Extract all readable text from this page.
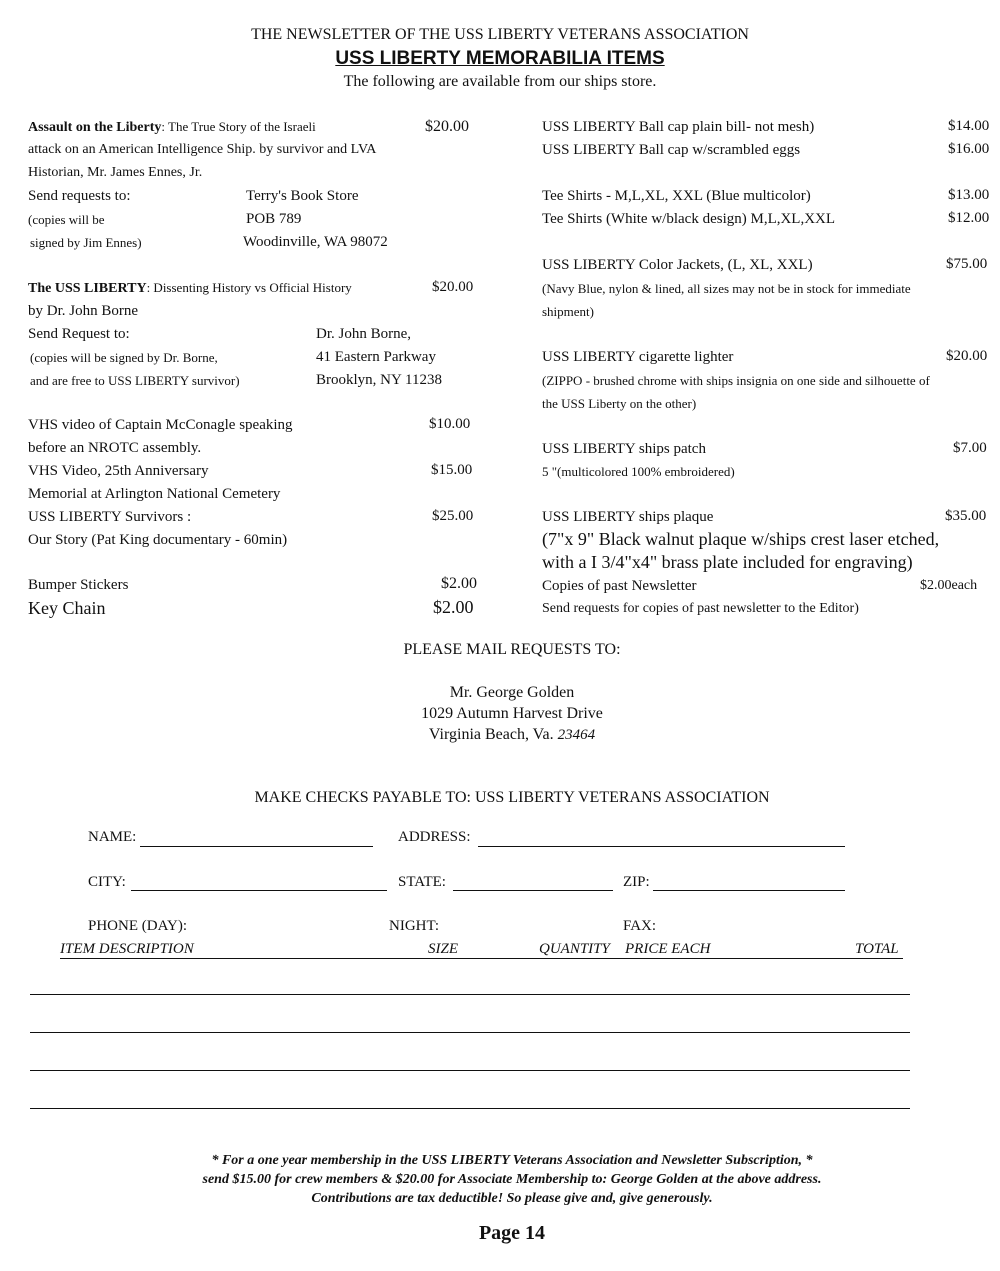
THE NEWSLETTER OF THE USS LIBERTY VETERANS ASSOCIATION
USS LIBERTY MEMORABILIA ITEMS
The following are available from our ships store.
Assault on the Liberty: The True Story of the Israeli	$20.00
attack on an American Intelligence Ship. by survivor and LVA
Historian, Mr. James Ennes, Jr.
Send requests to:
(copies will be
signed by Jim Ennes)
Terry's Book Store
POB 789
Woodinville, WA 98072
The USS LIBERTY: Dissenting History vs Official History	$20.00
by Dr. John Borne
Send Request to:
(copies will be signed by Dr. Borne,
and are free to USS LIBERTY survivor)
Dr. John Borne,
41 Eastern Parkway
Brooklyn, NY 11238
VHS video of Captain McConagle speaking	$10.00
before an NROTC assembly.
VHS Video, 25th Anniversary	$15.00
Memorial at Arlington National Cemetery
USS LIBERTY Survivors :	$25.00
Our Story (Pat King documentary - 60min)
Bumper Stickers	$2.00
Key Chain	$2.00
USS LIBERTY Ball cap plain bill- not mesh)	$14.00
USS LIBERTY Ball cap w/scrambled eggs	$16.00
Tee Shirts - M,L,XL, XXL (Blue multicolor)	$13.00
Tee Shirts (White w/black design) M,L,XL,XXL	$12.00
USS LIBERTY Color Jackets, (L, XL, XXL)	$75.00
(Navy Blue, nylon & lined, all sizes may not be in stock for immediate
shipment)
USS LIBERTY cigarette lighter	$20.00
(ZIPPO - brushed chrome with ships insignia on one side and silhouette of
the USS Liberty on the other)
USS LIBERTY ships patch	$7.00
5 "(multicolored 100% embroidered)
USS LIBERTY ships plaque	$35.00
(7"x 9" Black walnut plaque w/ships crest laser etched,
with a I 3/4"x4" brass plate included for engraving)
Copies of past Newsletter	$2.00each
Send requests for copies of past newsletter to the Editor)
PLEASE MAIL REQUESTS TO:
Mr. George Golden
1029 Autumn Harvest Drive
Virginia Beach, Va. 23464
MAKE CHECKS PAYABLE TO: USS LIBERTY VETERANS ASSOCIATION
NAME:	ADDRESS:
CITY:	STATE:	ZIP:
PHONE (DAY):	NIGHT:	FAX:
ITEM DESCRIPTION	SIZE	QUANTITY PRICE EACH	TOTAL
* For a one year membership in the USS LIBERTY Veterans Association and Newsletter Subscription, *
send $15.00 for crew members & $20.00 for Associate Membership to: George Golden at the above address.
Contributions are tax deductible! So please give and, give generously.
Page 14
